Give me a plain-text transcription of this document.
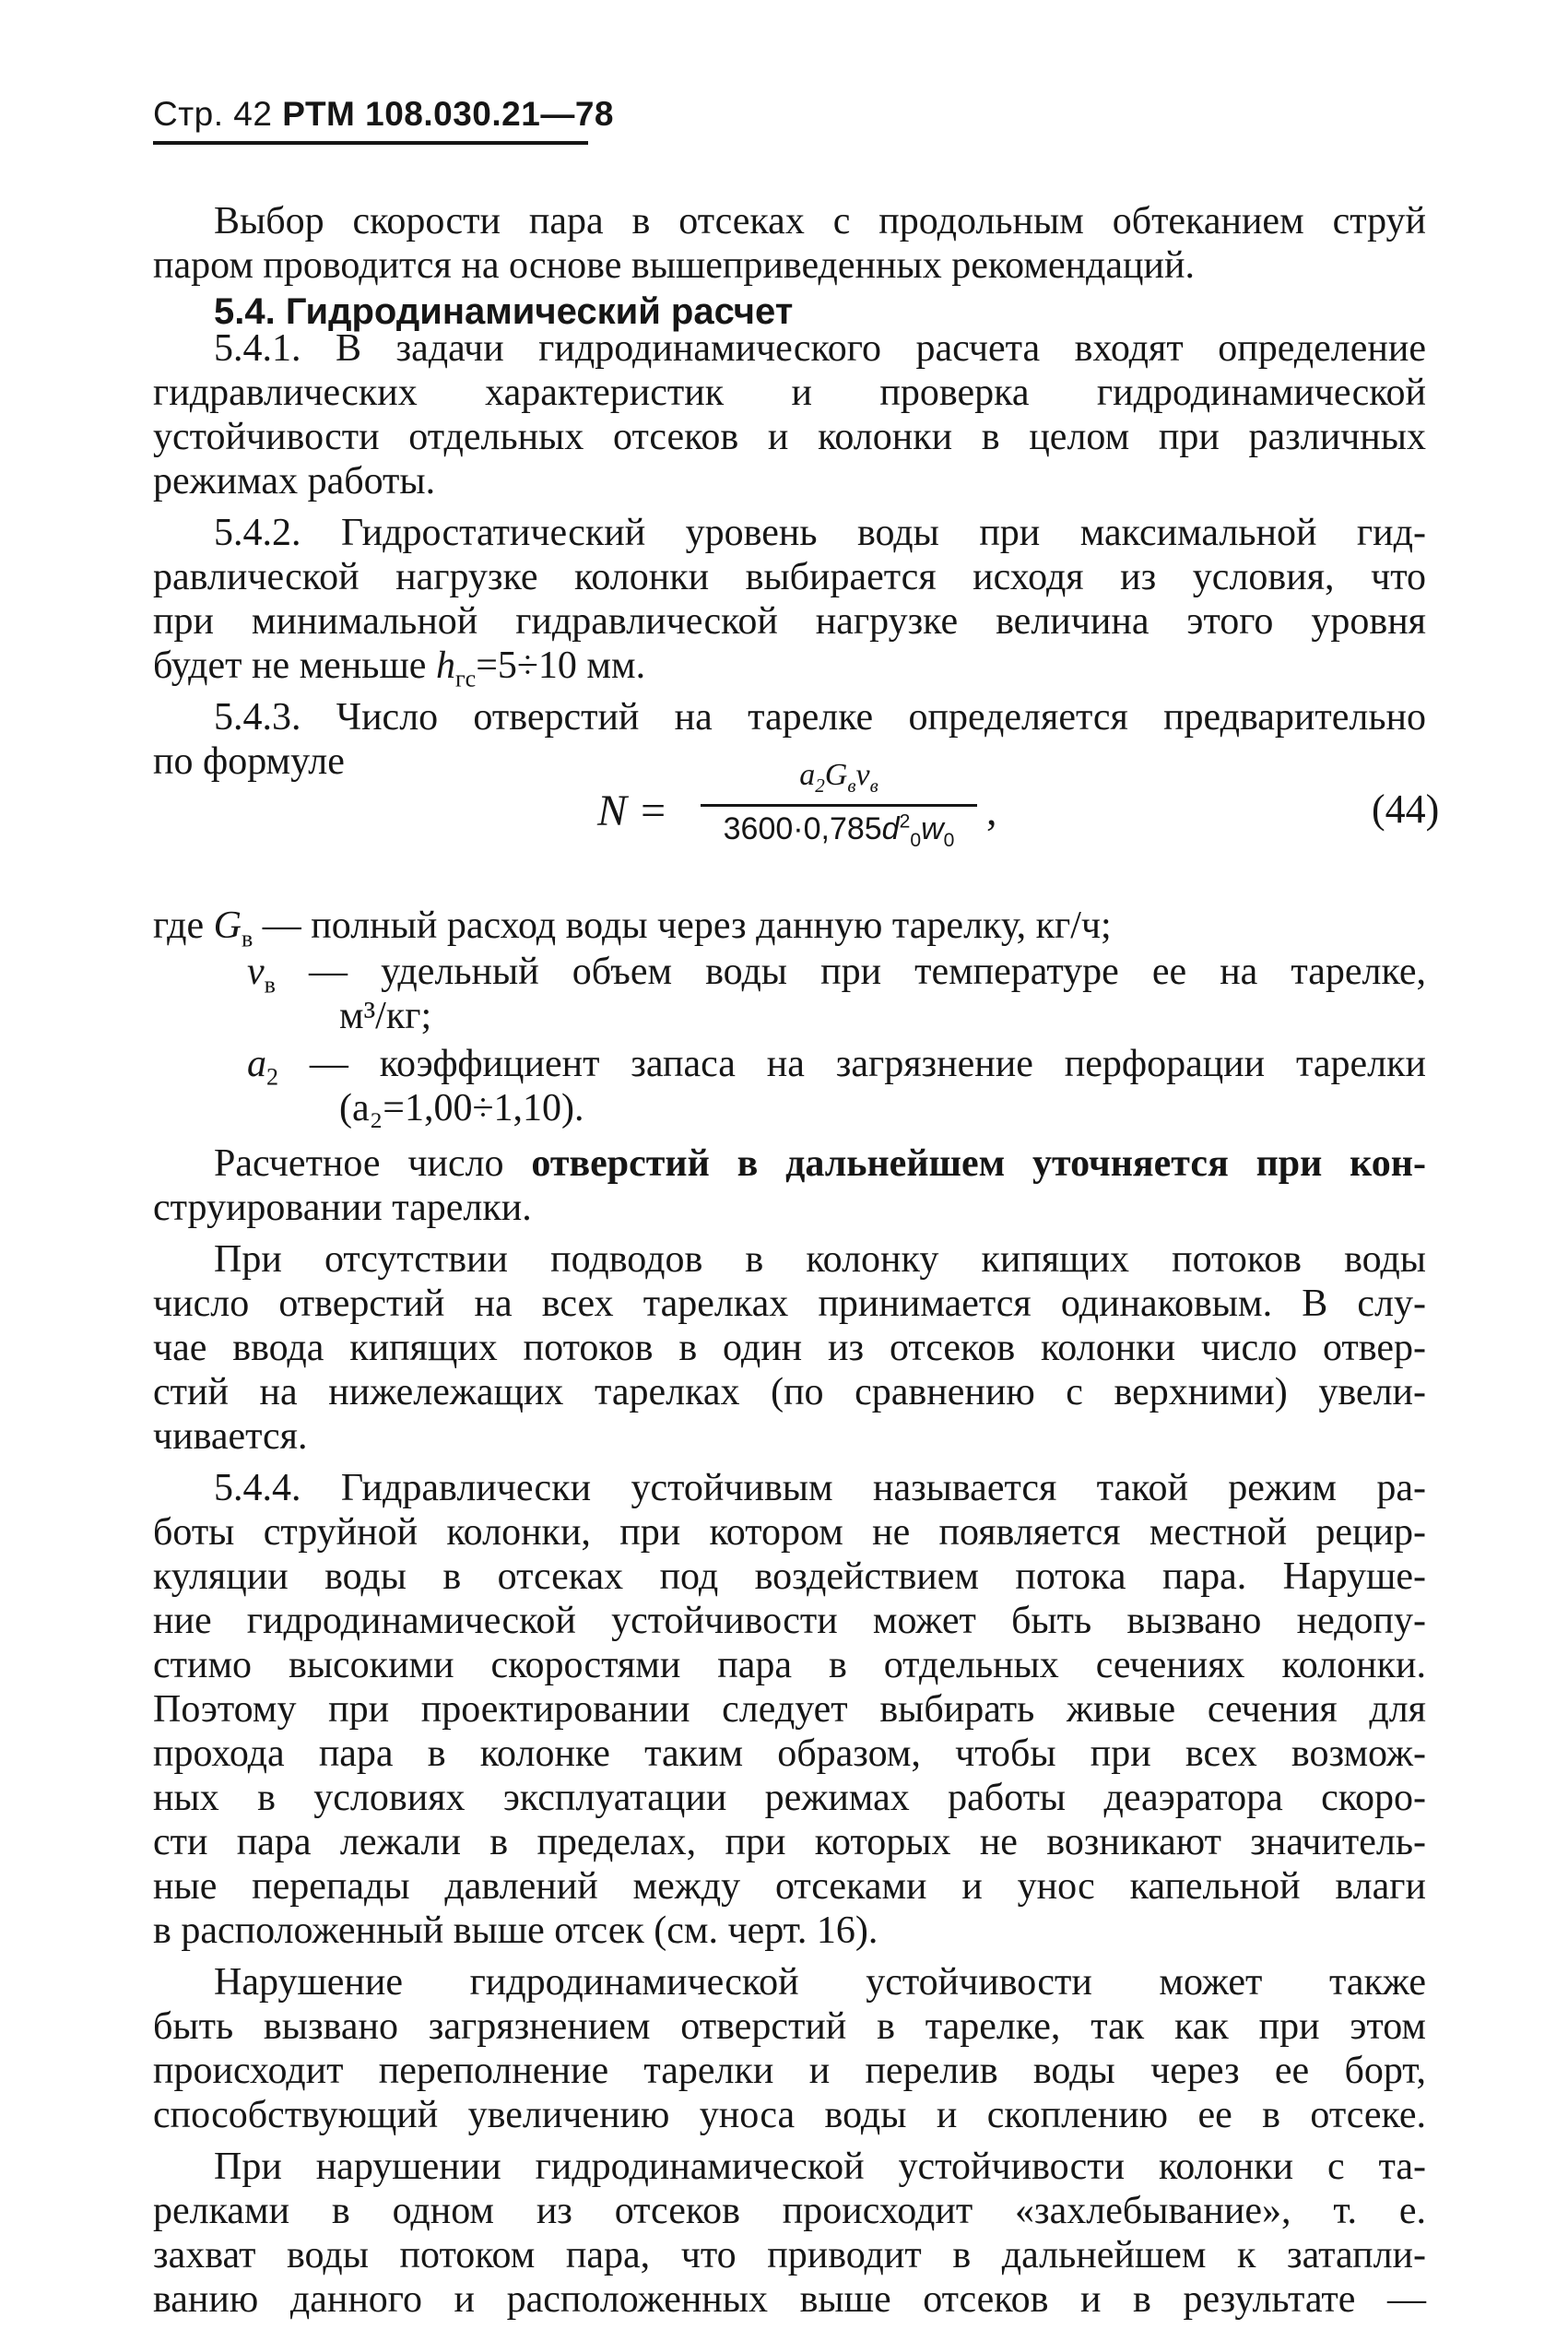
Стр. 42 РТМ 108.030.21—78
Выбор скорости пара в отсеках с продольным обтеканием струй
паром проводится на основе вышеприведенных рекомендаций.
5.4. Гидродинамический расчет
5.4.1. В задачи гидродинамического расчета входят определение
гидравлических характеристик и проверка гидродинамической
устойчивости отдельных отсеков и колонки в целом при различных
режимах работы.
5.4.2. Гидростатический уровень воды при максимальной гид-
равлической нагрузке колонки выбирается исходя из условия, что
при минимальной гидравлической нагрузке величина этого уровня
будет не меньше $h_{гс}=5\div 10$ мм.
5.4.3. Число отверстий на тарелке определяется предварительно
по формуле
N =
$a_2G_вv_в$
$3600\cdot 0,785d^2_0w_0$
,	(44)
где $G_в$ — полный расход воды через данную тарелку, кг/ч;
$v_в$ — удельный объем воды при температуре ее на тарелке,
м³/кг;
$a_2$ — коэффициент запаса на загрязнение перфорации тарелки
(a₂=1,00÷1,10).
Расчетное число отверстий в дальнейшем уточняется при кон-
струировании тарелки.
При отсутствии подводов в колонку кипящих потоков воды
число отверстий на всех тарелках принимается одинаковым. В слу-
чае ввода кипящих потоков в один из отсеков колонки число отвер-
стий на нижележащих тарелках (по сравнению с верхними) увели-
чивается.
5.4.4. Гидравлически устойчивым называется такой режим ра-
боты струйной колонки, при котором не появляется местной рецир-
куляции воды в отсеках под воздействием потока пара. Наруше-
ние гидродинамической устойчивости может быть вызвано недопу-
стимо высокими скоростями пара в отдельных сечениях колонки.
Поэтому при проектировании следует выбирать живые сечения для
прохода пара в колонке таким образом, чтобы при всех возмож-
ных в условиях эксплуатации режимах работы деаэратора скоро-
сти пара лежали в пределах, при которых не возникают значитель-
ные перепады давлений между отсеками и унос капельной влаги
в расположенный выше отсек (см. черт. 16).
Нарушение гидродинамической устойчивости может также
быть вызвано загрязнением отверстий в тарелке, так как при этом
происходит переполнение тарелки и перелив воды через ее борт,
способствующий увеличению уноса воды и скоплению ее в отсеке.
При нарушении гидродинамической устойчивости колонки с та-
релками в одном из отсеков происходит «захлебывание», т. е.
захват воды потоком пара, что приводит в дальнейшем к затапли-
ванию данного и расположенных выше отсеков и в результате —
